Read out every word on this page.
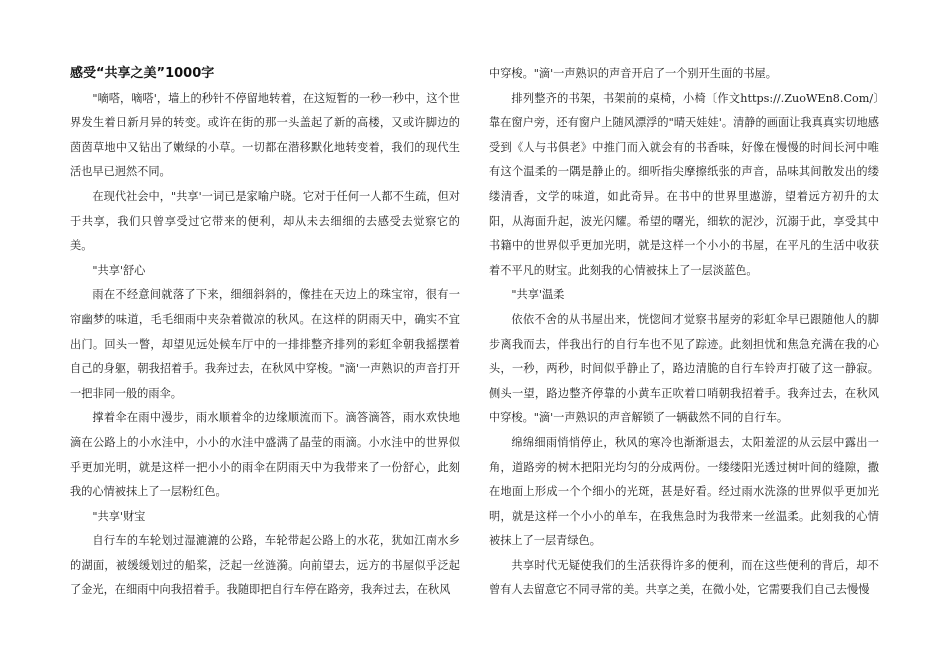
感受“共享之美”1000字

"嘀嗒，嘀嗒'，墙上的秒针不停留地转着，在这短暂的一秒一秒中，这个世界发生着日新月异的转变。或许在街的那一头盖起了新的高楼，又或许脚边的茵茵草地中又钻出了嫩绿的小草。一切都在潜移默化地转变着，我们的现代生活也早已迥然不同。

在现代社会中，"共享'一词已是家喻户晓。它对于任何一人都不生疏，但对于共享，我们只曾享受过它带来的便利，却从未去细细的去感受去觉察它的美。

"共享'舒心

雨在不经意间就落了下来，细细斜斜的，像挂在天边上的珠宝帘，很有一帘幽梦的味道，毛毛细雨中夹杂着微凉的秋风。在这样的阴雨天中，确实不宜出门。回头一瞥，却望见远处候车厅中的一排排整齐排列的彩虹伞朝我摇摆着自己的身躯，朝我招着手。我奔过去，在秋风中穿梭。"滴'一声熟识的声音打开一把非同一般的雨伞。

撑着伞在雨中漫步，雨水顺着伞的边缘顺流而下。滴答滴答，雨水欢快地滴在公路上的小水洼中，小小的水洼中盛满了晶莹的雨滴。小水洼中的世界似乎更加光明，就是这样一把小小的雨伞在阴雨天中为我带来了一份舒心，此刻我的心情被抹上了一层粉红色。

"共享'财宝

自行车的车轮划过湿漉漉的公路，车轮带起公路上的水花，犹如江南水乡的湖面，被缓缓划过的船桨，泛起一丝涟漪。向前望去，远方的书屋似乎泛起了金光，在细雨中向我招着手。我随即把自行车停在路旁，我奔过去，在秋风

中穿梭。"滴'一声熟识的声音开启了一个别开生面的书屋。

排列整齐的书架，书架前的桌椅，小椅〔作文https://.ZuoWEn8.Com/〕靠在窗户旁，还有窗户上随风漂浮的"晴天娃娃'。清静的画面让我真真实切地感受到《人与书俱老》中推门而入就会有的书香味，好像在慢慢的时间长河中唯有这个温柔的一隅是静止的。细听指尖摩擦纸张的声音，品味其间散发出的缕缕清香，文学的味道，如此奇异。在书中的世界里遨游，望着远方初升的太阳，从海面升起，波光闪耀。希望的曙光，细软的泥沙，沉溺于此，享受其中书籍中的世界似乎更加光明，就是这样一个小小的书屋，在平凡的生活中收获着不平凡的财宝。此刻我的心情被抹上了一层淡蓝色。

"共享'温柔

依依不舍的从书屋出来，恍惚间才觉察书屋旁的彩虹伞早已跟随他人的脚步离我而去，伴我出行的自行车也不见了踪迹。此刻担忧和焦急充满在我的心头，一秒，两秒，时间似乎静止了，路边清脆的自行车铃声打破了这一静寂。侧头一望，路边整齐停靠的小黄车正吹着口哨朝我招着手。我奔过去，在秋风中穿梭。"滴'一声熟识的声音解锁了一辆截然不同的自行车。

绵绵细雨悄悄停止，秋风的寒冷也渐渐退去，太阳羞涩的从云层中露出一角，道路旁的树木把阳光均匀的分成两份。一缕缕阳光透过树叶间的缝隙，撒在地面上形成一个个细小的光斑，甚是好看。经过雨水洗涤的世界似乎更加光明，就是这样一个小小的单车，在我焦急时为我带来一丝温柔。此刻我的心情被抹上了一层青绿色。

共享时代无疑使我们的生活获得许多的便利，而在这些便利的背后，却不曾有人去留意它不同寻常的美。共享之美，在微小处，它需要我们自己去慢慢
